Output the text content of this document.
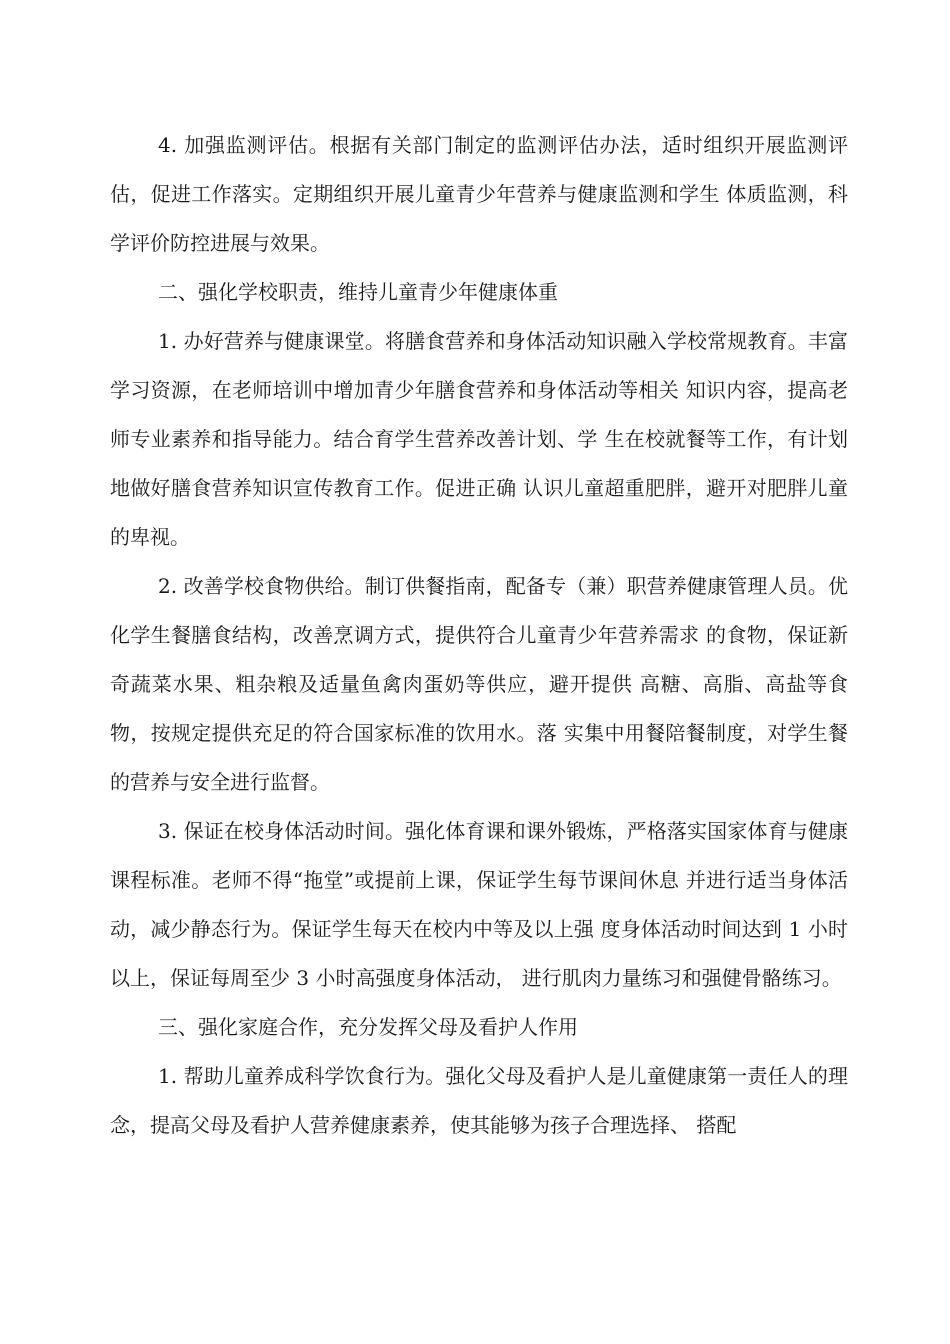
4. 加强监测评估。根据有关部门制定的监测评估办法，适时组织开展监测评估，促进工作落实。定期组织开展儿童青少年营养与健康监测和学生 体质监测，科学评价防控进展与效果。

二、强化学校职责，维持儿童青少年健康体重

1. 办好营养与健康课堂。将膳食营养和身体活动知识融入学校常规教育。丰富学习资源，在老师培训中增加青少年膳食营养和身体活动等相关 知识内容，提高老师专业素养和指导能力。结合育学生营养改善计划、学 生在校就餐等工作，有计划地做好膳食营养知识宣传教育工作。促进正确 认识儿童超重肥胖，避开对肥胖儿童的卑视。

2. 改善学校食物供给。制订供餐指南，配备专（兼）职营养健康管理人员。优化学生餐膳食结构，改善烹调方式，提供符合儿童青少年营养需求 的食物，保证新奇蔬菜水果、粗杂粮及适量鱼禽肉蛋奶等供应，避开提供 高糖、高脂、高盐等食物，按规定提供充足的符合国家标准的饮用水。落 实集中用餐陪餐制度，对学生餐的营养与安全进行监督。

3. 保证在校身体活动时间。强化体育课和课外锻炼，严格落实国家体育与健康课程标准。老师不得“拖堂”或提前上课，保证学生每节课间休息 并进行适当身体活动，减少静态行为。保证学生每天在校内中等及以上强 度身体活动时间达到 1 小时以上，保证每周至少 3 小时高强度身体活动， 进行肌肉力量练习和强健骨骼练习。

三、强化家庭合作，充分发挥父母及看护人作用

1. 帮助儿童养成科学饮食行为。强化父母及看护人是儿童健康第一责任人的理念，提高父母及看护人营养健康素养，使其能够为孩子合理选择、 搭配
